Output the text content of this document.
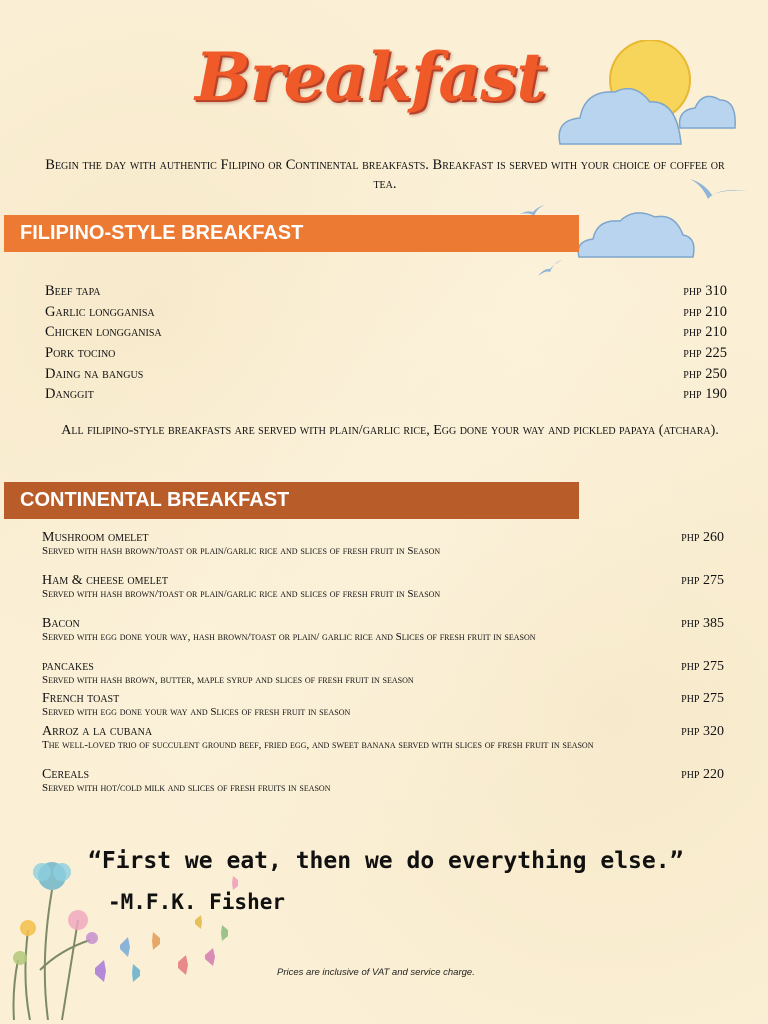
Breakfast
Begin the day with authentic Filipino or Continental breakfasts. Breakfast is served with your choice of coffee or tea.
FILIPINO-STYLE BREAKFAST
Beef tapa	php 310
Garlic longganisa	php 210
Chicken longganisa	php 210
Pork tocino	php 225
Daing na bangus	php 250
Danggit	php 190
All filipino-style breakfasts are served with plain/garlic rice, Egg done your way and pickled papaya (atchara).
CONTINENTAL BREAKFAST
Mushroom omelet	php 260
Served with hash brown/toast or plain/garlic rice and slices of fresh fruit in Season
Ham & cheese omelet	php 275
Served with hash brown/toast or plain/garlic rice and slices of fresh fruit in Season
Bacon	php 385
Served with egg done your way, hash brown/toast or plain/ garlic rice and Slices of fresh fruit in season
pancakes	php 275
Served with hash brown, butter, maple syrup and slices of fresh fruit in season
French toast	php 275
Served with egg done your way and Slices of fresh fruit in season
Arroz a la cubana	php 320
The well-loved trio of succulent ground beef, fried egg, and sweet banana served with slices of fresh fruit in season
Cereals	php 220
Served with hot/cold milk and slices of fresh fruits in season
“First we eat, then we do everything else.”
-M.F.K. Fisher
Prices are inclusive of VAT and service charge.
